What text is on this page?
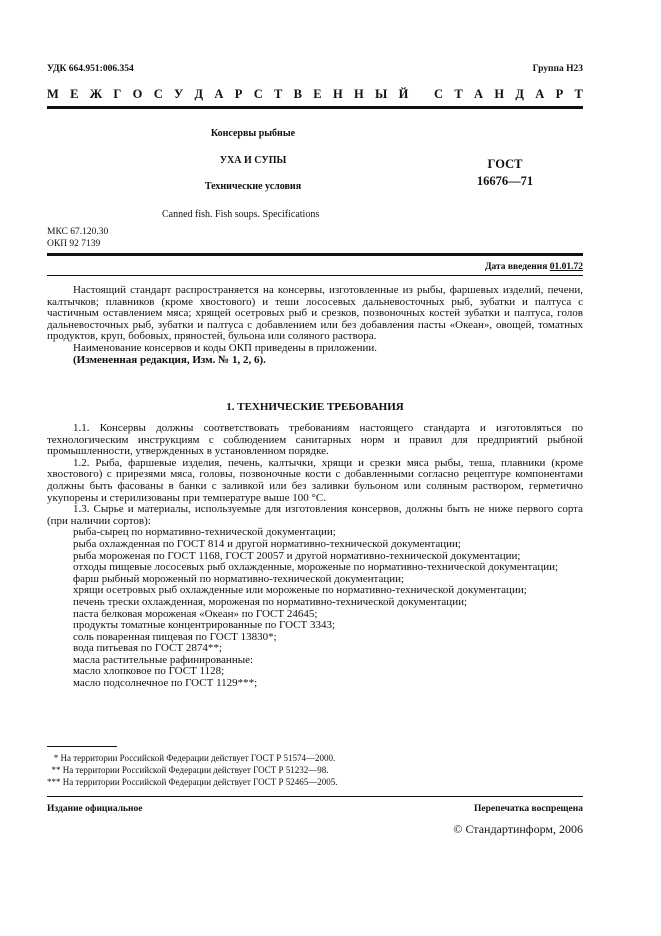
УДК 664.951:006.354	Группа Н23
М Е Ж Г О С У Д А Р С Т В Е Н Н Ы Й
С Т А Н Д А Р Т
Консервы рыбные
УХА И СУПЫ
Технические условия
ГОСТ
16676—71
Canned fish. Fish soups. Specifications
МКС 67.120.30
ОКП 92 7139
Дата введения 01.01.72

Настоящий стандарт распространяется на консервы, изготовленные из рыбы, фаршевых изделий, печени, калтычков; плавников (кроме хвостового) и теши лососевых дальневосточных рыб, зубатки и палтуса с частичным оставлением мяса; хрящей осетровых рыб и срезков, позвоночных костей зубатки и палтуса, голов дальневосточных рыб, зубатки и палтуса с добавлением или без добавления пасты «Океан», овощей, томатных продуктов, круп, бобовых, пряностей, бульона или соляного раствора.

Наименование консервов и коды ОКП приведены в приложении.

(Измененная редакция, Изм. № 1, 2, 6).

1. ТЕХНИЧЕСКИЕ ТРЕБОВАНИЯ

1.1. Консервы должны соответствовать требованиям настоящего стандарта и изготовляться по технологическим инструкциям с соблюдением санитарных норм и правил для предприятий рыбной промышленности, утвержденных в установленном порядке.

1.2. Рыба, фаршевые изделия, печень, калтычки, хрящи и срезки мяса рыбы, теша, плавники (кроме хвостового) с прирезями мяса, головы, позвоночные кости с добавленными согласно рецептуре компонентами должны быть фасованы в банки с заливкой или без заливки бульоном или соляным раствором, герметично укупорены и стерилизованы при температуре выше 100 °С.

1.3. Сырье и материалы, используемые для изготовления консервов, должны быть не ниже первого сорта (при наличии сортов):

рыба-сырец по нормативно-технической документации;

рыба охлажденная по ГОСТ 814 и другой нормативно-технической документации;

рыба мороженая по ГОСТ 1168, ГОСТ 20057 и другой нормативно-технической документации;

отходы пищевые лососевых рыб охлажденные, мороженые по нормативно-технической документации;

фарш рыбный мороженый по нормативно-технической документации;

хрящи осетровых рыб охлажденные или мороженые по нормативно-технической документации;

печень трески охлажденная, мороженая по нормативно-технической документации;

паста белковая мороженая «Океан» по ГОСТ 24645;

продукты томатные концентрированные по ГОСТ 3343;

соль поваренная пищевая по ГОСТ 13830*;

вода питьевая по ГОСТ 2874**;

масла растительные рафинированные:

масло хлопковое по ГОСТ 1128;

масло подсолнечное по ГОСТ 1129***;

* На территории Российской Федерации действует ГОСТ Р 51574—2000.
** На территории Российской Федерации действует ГОСТ Р 51232—98.
*** На территории Российской Федерации действует ГОСТ Р 52465—2005.
Издание официальное	Перепечатка воспрещена
© Стандартинформ, 2006
